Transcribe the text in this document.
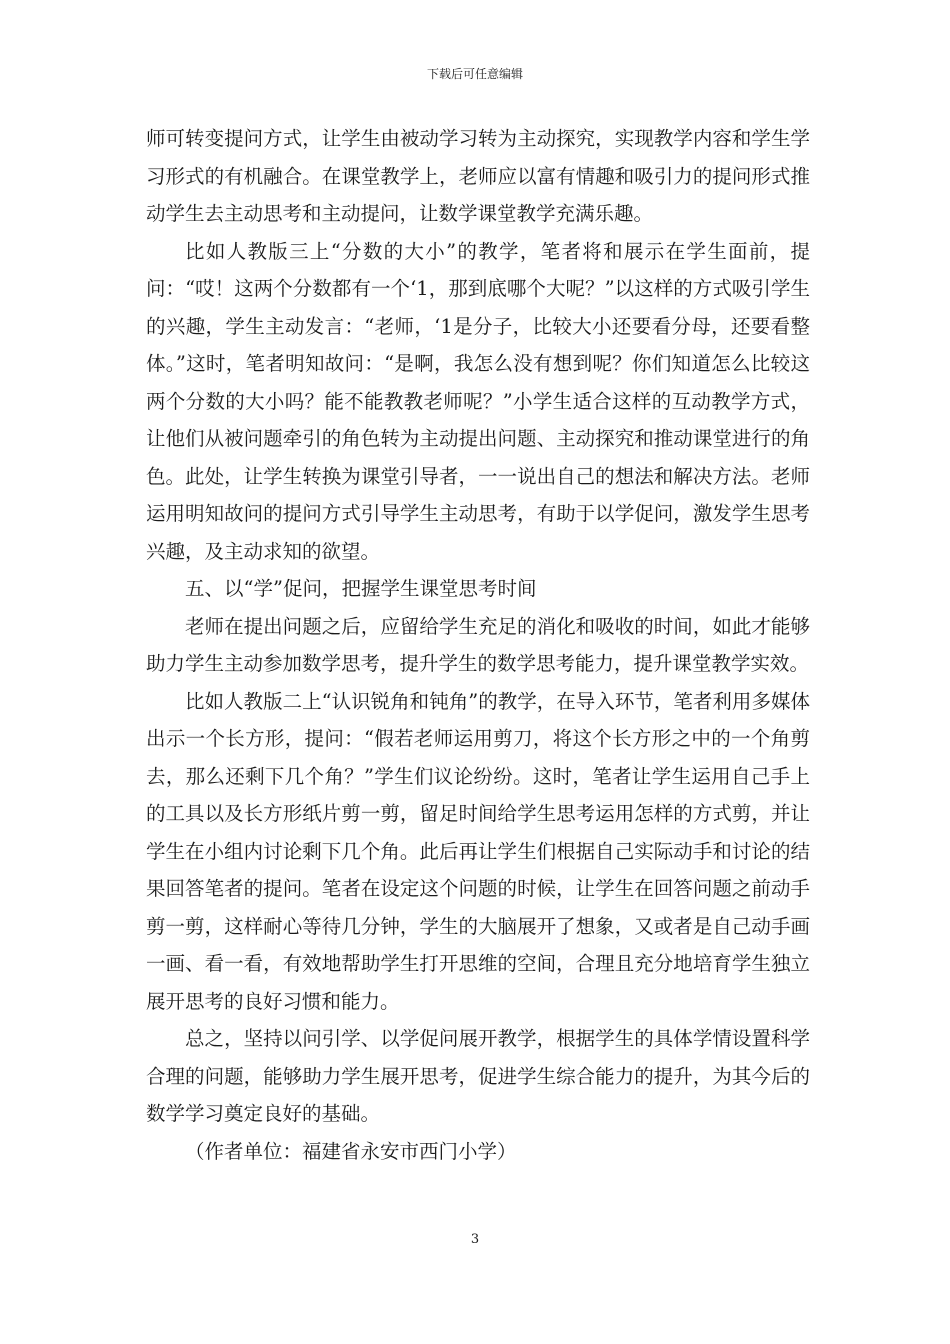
下载后可任意编辑

师可转变提问方式，让学生由被动学习转为主动探究，实现教学内容和学生学习形式的有机融合。在课堂教学上，老师应以富有情趣和吸引力的提问形式推动学生去主动思考和主动提问，让数学课堂教学充满乐趣。

比如人教版三上“分数的大小”的教学，笔者将和展示在学生面前，提问：“哎！这两个分数都有一个‘1，那到底哪个大呢？”以这样的方式吸引学生的兴趣，学生主动发言：“老师，‘1是分子，比较大小还要看分母，还要看整体。”这时，笔者明知故问：“是啊，我怎么没有想到呢？你们知道怎么比较这两个分数的大小吗？能不能教教老师呢？”小学生适合这样的互动教学方式，让他们从被问题牵引的角色转为主动提出问题、主动探究和推动课堂进行的角色。此处，让学生转换为课堂引导者，一一说出自己的想法和解决方法。老师运用明知故问的提问方式引导学生主动思考，有助于以学促问，激发学生思考兴趣，及主动求知的欲望。

五、以“学”促问，把握学生课堂思考时间

老师在提出问题之后，应留给学生充足的消化和吸收的时间，如此才能够助力学生主动参加数学思考，提升学生的数学思考能力，提升课堂教学实效。

比如人教版二上“认识锐角和钝角”的教学，在导入环节，笔者利用多媒体出示一个长方形，提问：“假若老师运用剪刀，将这个长方形之中的一个角剪去，那么还剩下几个角？”学生们议论纷纷。这时，笔者让学生运用自己手上的工具以及长方形纸片剪一剪，留足时间给学生思考运用怎样的方式剪，并让学生在小组内讨论剩下几个角。此后再让学生们根据自己实际动手和讨论的结果回答笔者的提问。笔者在设定这个问题的时候，让学生在回答问题之前动手剪一剪，这样耐心等待几分钟，学生的大脑展开了想象，又或者是自己动手画一画、看一看，有效地帮助学生打开思维的空间，合理且充分地培育学生独立展开思考的良好习惯和能力。

总之，坚持以问引学、以学促问展开教学，根据学生的具体学情设置科学合理的问题，能够助力学生展开思考，促进学生综合能力的提升，为其今后的数学学习奠定良好的基础。

（作者单位：福建省永安市西门小学）

3
